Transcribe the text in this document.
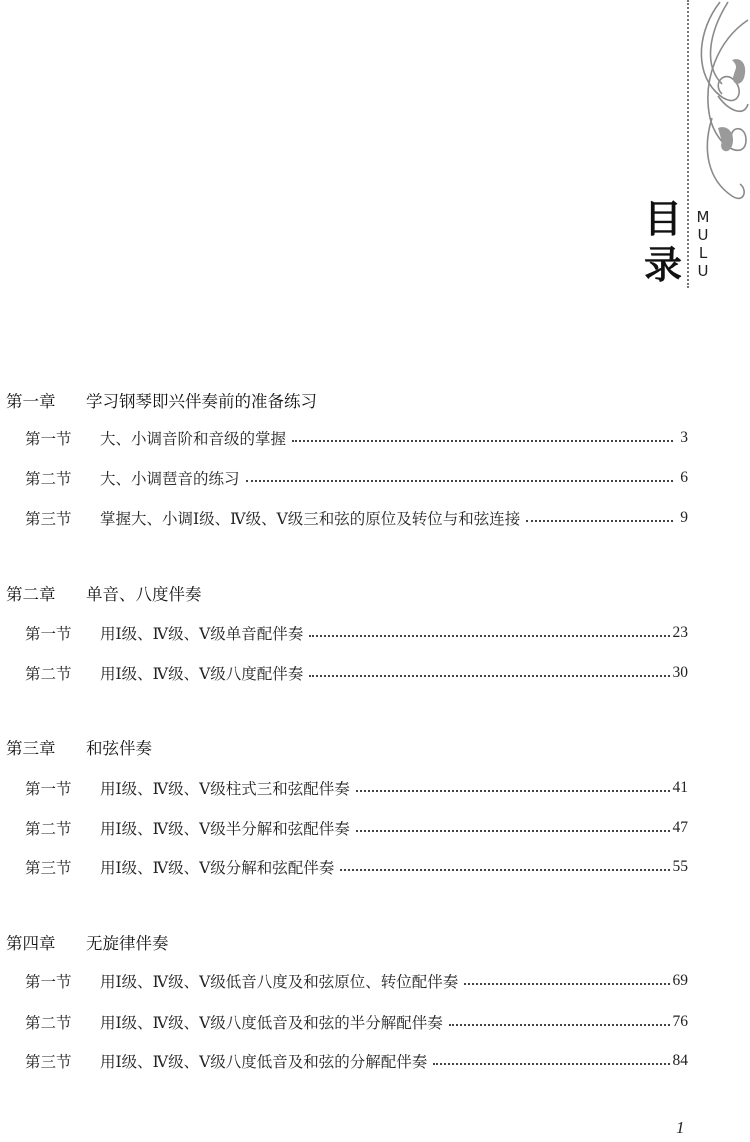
目
录
M
U
L
U
第一章	学习钢琴即兴伴奏前的准备练习
第一节	大、小调音阶和音级的掌握	3
第二节	大、小调琶音的练习	6
第三节	掌握大、小调Ⅰ级、Ⅳ级、Ⅴ级三和弦的原位及转位与和弦连接	9
第二章	单音、八度伴奏
第一节	用Ⅰ级、Ⅳ级、Ⅴ级单音配伴奏	23
第二节	用Ⅰ级、Ⅳ级、Ⅴ级八度配伴奏	30
第三章	和弦伴奏
第一节	用Ⅰ级、Ⅳ级、Ⅴ级柱式三和弦配伴奏	41
第二节	用Ⅰ级、Ⅳ级、Ⅴ级半分解和弦配伴奏	47
第三节	用Ⅰ级、Ⅳ级、Ⅴ级分解和弦配伴奏	55
第四章	无旋律伴奏
第一节	用Ⅰ级、Ⅳ级、Ⅴ级低音八度及和弦原位、转位配伴奏	69
第二节	用Ⅰ级、Ⅳ级、Ⅴ级八度低音及和弦的半分解配伴奏	76
第三节	用Ⅰ级、Ⅳ级、Ⅴ级八度低音及和弦的分解配伴奏	84
1
